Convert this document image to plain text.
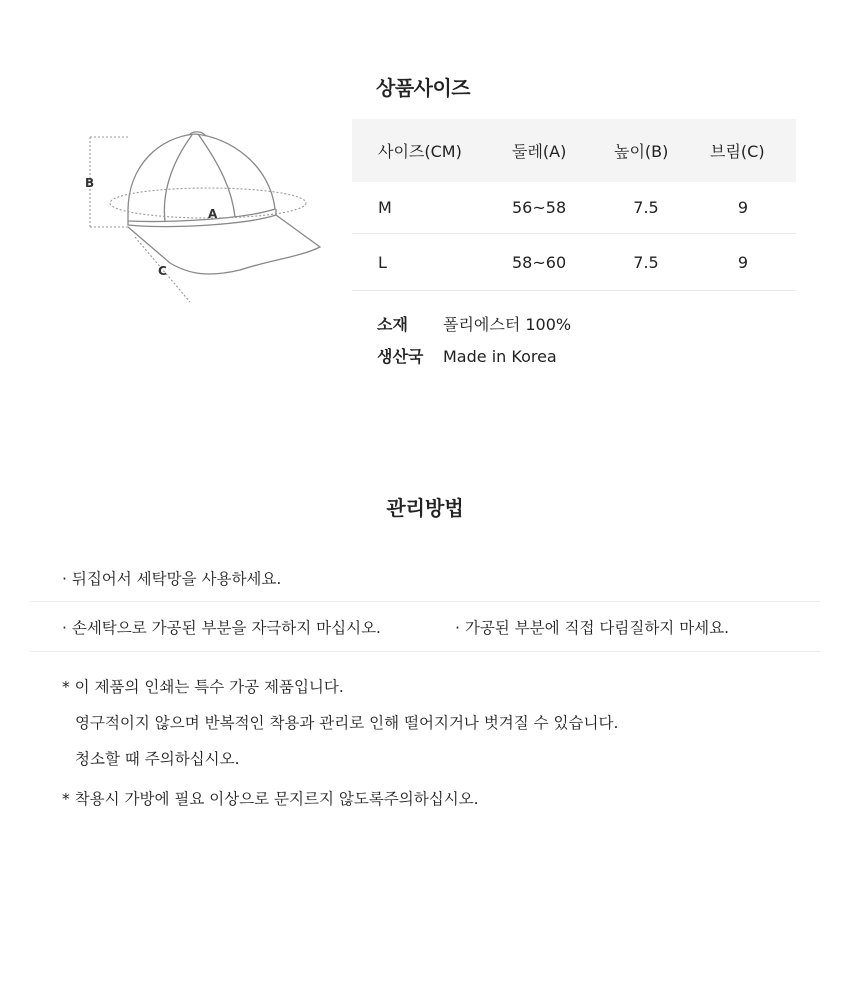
B
A
C
상품사이즈
사이즈(CM)	둘레(A)	높이(B)	브림(C)
M	56~58	7.5	9
L	58~60	7.5	9
소재 폴리에스터 100%
생산국 Made in Korea
관리방법
· 뒤집어서 세탁망을 사용하세요.
· 손세탁으로 가공된 부분을 자극하지 마십시오.	· 가공된 부분에 직접 다림질하지 마세요.
* 이 제품의 인쇄는 특수 가공 제품입니다.
영구적이지 않으며 반복적인 착용과 관리로 인해 떨어지거나 벗겨질 수 있습니다.
청소할 때 주의하십시오.
* 착용시 가방에 필요 이상으로 문지르지 않도록주의하십시오.
